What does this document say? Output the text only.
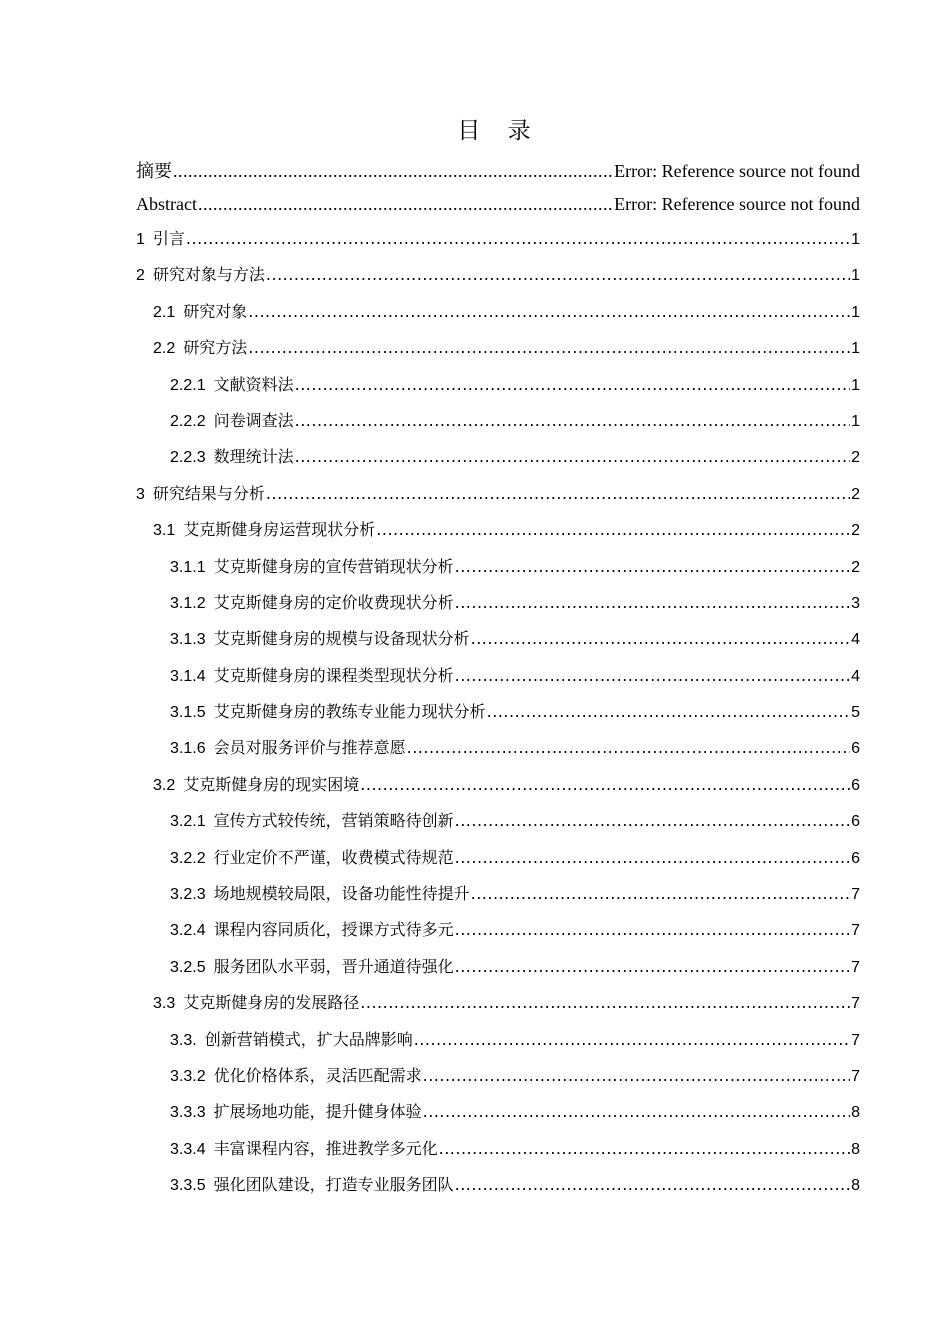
目 录
摘要 .....	Error: Reference source not found
Abstract .....	Error: Reference source not found
1 引言 .....	1
2 研究对象与方法 .....	1
2.1 研究对象 .....	1
2.2 研究方法 .....	1
2.2.1 文献资料法 .....	1
2.2.2 问卷调查法 .....	1
2.2.3 数理统计法 .....	2
3 研究结果与分析 .....	2
3.1 艾克斯健身房运营现状分析 .....	2
3.1.1 艾克斯健身房的宣传营销现状分析 .....	2
3.1.2 艾克斯健身房的定价收费现状分析 .....	3
3.1.3 艾克斯健身房的规模与设备现状分析 .....	4
3.1.4 艾克斯健身房的课程类型现状分析 .....	4
3.1.5 艾克斯健身房的教练专业能力现状分析 .....	5
3.1.6 会员对服务评价与推荐意愿 .....	6
3.2 艾克斯健身房的现实困境 .....	6
3.2.1 宣传方式较传统，营销策略待创新 .....	6
3.2.2 行业定价不严谨，收费模式待规范 .....	6
3.2.3 场地规模较局限，设备功能性待提升 .....	7
3.2.4 课程内容同质化，授课方式待多元 .....	7
3.2.5 服务团队水平弱，晋升通道待强化 .....	7
3.3 艾克斯健身房的发展路径 .....	7
3.3. 创新营销模式，扩大品牌影响 .....	7
3.3.2 优化价格体系，灵活匹配需求 .....	7
3.3.3 扩展场地功能，提升健身体验 .....	8
3.3.4 丰富课程内容，推进教学多元化 .....	8
3.3.5 强化团队建设，打造专业服务团队 .....	8
